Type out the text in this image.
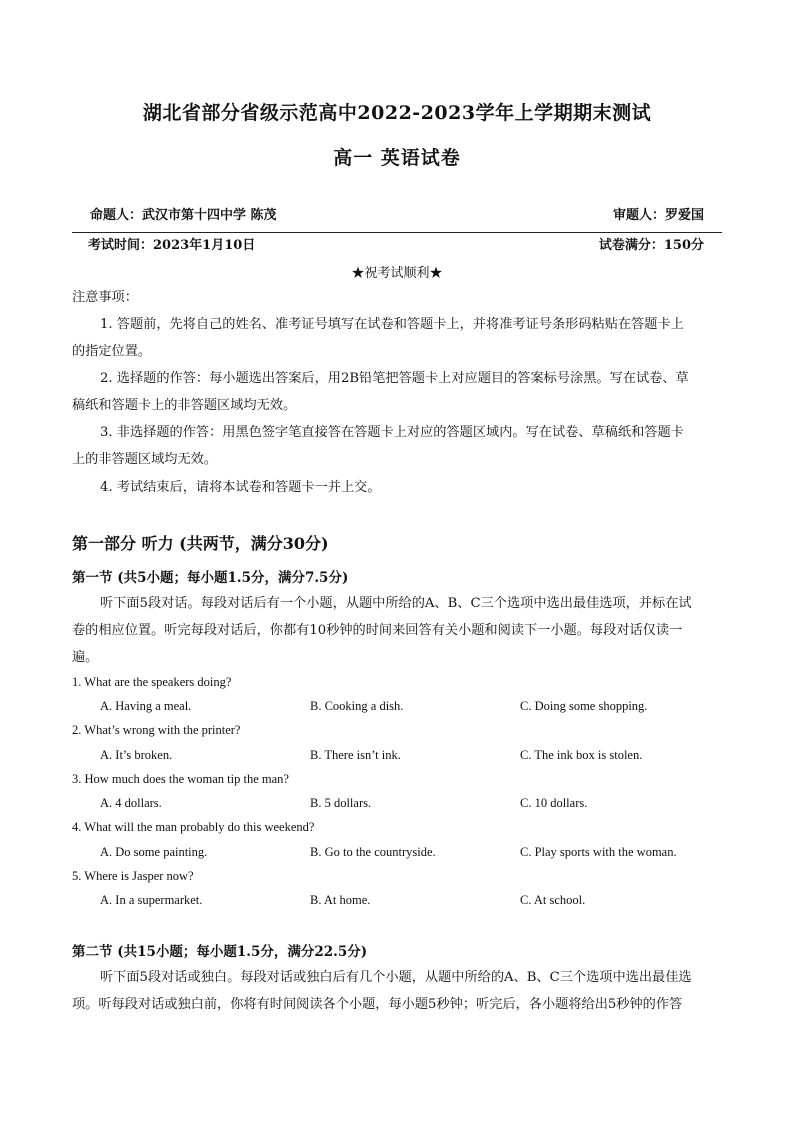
湖北省部分省级示范高中2022-2023学年上学期期末测试
高一 英语试卷
命题人：武汉市第十四中学 陈茂	审题人：罗爱国
考试时间：2023年1月10日	试卷满分：150分
★祝考试顺利★
注意事项：
1. 答题前，先将自己的姓名、准考证号填写在试卷和答题卡上，并将准考证号条形码粘贴在答题卡上
的指定位置。
2. 选择题的作答：每小题选出答案后，用2B铅笔把答题卡上对应题目的答案标号涂黑。写在试卷、草
稿纸和答题卡上的非答题区域均无效。
3. 非选择题的作答：用黑色签字笔直接答在答题卡上对应的答题区域内。写在试卷、草稿纸和答题卡
上的非答题区域均无效。
4. 考试结束后，请将本试卷和答题卡一并上交。
第一部分 听力 (共两节，满分30分)
第一节 (共5小题；每小题1.5分，满分7.5分)
听下面5段对话。每段对话后有一个小题，从题中所给的A、B、C三个选项中选出最佳选项，并标在试
卷的相应位置。听完每段对话后，你都有10秒钟的时间来回答有关小题和阅读下一小题。每段对话仅读一
遍。
1. What are the speakers doing?
A. Having a meal.	B. Cooking a dish.	C. Doing some shopping.
2. What’s wrong with the printer?
A. It’s broken.	B. There isn’t ink.	C. The ink box is stolen.
3. How much does the woman tip the man?
A. 4 dollars.	B. 5 dollars.	C. 10 dollars.
4. What will the man probably do this weekend?
A. Do some painting.	B. Go to the countryside.	C. Play sports with the woman.
5. Where is Jasper now?
A. In a supermarket.	B. At home.	C. At school.
第二节 (共15小题；每小题1.5分，满分22.5分)
听下面5段对话或独白。每段对话或独白后有几个小题，从题中所给的A、B、C三个选项中选出最佳选
项。听每段对话或独白前，你将有时间阅读各个小题，每小题5秒钟；听完后，各小题将给出5秒钟的作答
